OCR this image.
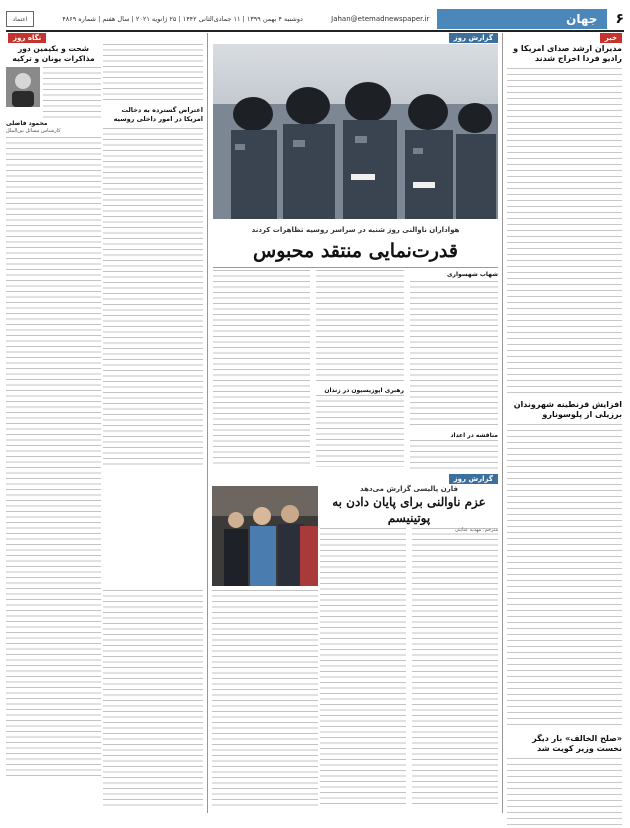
۶
جهان
Jahan@etemadnewspaper.ir
دوشنبه ۴ بهمن ۱۳۹۹ | ۱۱ جمادی‌الثانی ۱۴۴۲ | ۲۵ ژانویه ۲۰۲۱ | سال هفتم | شماره ۴۸۶۹
اعتماد
خبر
مدیران ارشد صدای امریکا و رادیو فردا اخراج شدند
افزایش قرنطینه شهروندان برزیلی از پلوسونارو
«صلح الخالف» بار دیگر نخست وزیر کویت شد
گزارش روز
هواداران ناوالنی روز شنبه در سراسر روسیه تظاهرات کردند
قدرت‌نمایی منتقد محبوس
شهاب شهسواری
مناقشه در اعداد
رهبری اپوزیسیون در زندان
گزارش روز
فارن پالیسی گزارش می‌دهد
عزم ناوالنی برای پایان دادن به پوتینیسم
مترجم: مهدیه عنایتی
اعتراض گسترده به دخالت امریکا در امور داخلی روسیه
نگاه روز
شحت و بکیمین دور مذاکرات یونان و ترکیه
محمود فاضلی
کارشناس مسائل بین‌الملل
